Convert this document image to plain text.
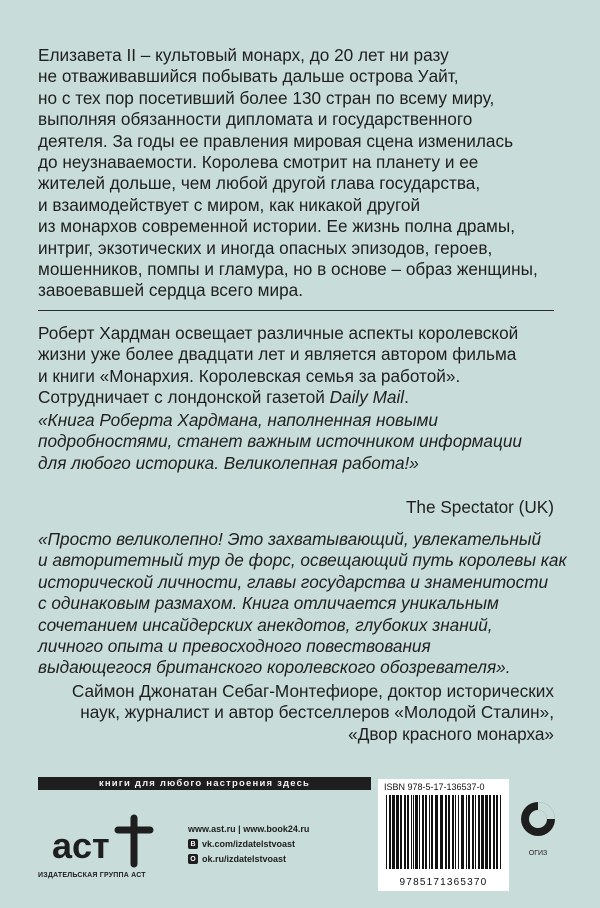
Елизавета II – культовый монарх, до 20 лет ни разу
не отваживавшийся побывать дальше острова Уайт,
но с тех пор посетивший более 130 стран по всему миру,
выполняя обязанности дипломата и государственного
деятеля. За годы ее правления мировая сцена изменилась
до неузнаваемости. Королева смотрит на планету и ее
жителей дольше, чем любой другой глава государства,
и взаимодействует с миром, как никакой другой
из монархов современной истории. Ее жизнь полна драмы,
интриг, экзотических и иногда опасных эпизодов, героев,
мошенников, помпы и гламура, но в основе – образ женщины,
завоевавшей сердца всего мира.
Роберт Хардман освещает различные аспекты королевской
жизни уже более двадцати лет и является автором фильма
и книги «Монархия. Королевская семья за работой».
Сотрудничает с лондонской газетой Daily Mail.
«Книга Роберта Хардмана, наполненная новыми
подробностями, станет важным источником информации
для любого историка. Великолепная работа!»
The Spectator (UK)
«Просто великолепно! Это захватывающий, увлекательный
и авторитетный тур де форс, освещающий путь королевы как
исторической личности, главы государства и знаменитости
с одинаковым размахом. Книга отличается уникальным
сочетанием инсайдерских анекдотов, глубоких знаний,
личного опыта и превосходного повествования
выдающегося британского королевского обозревателя».
Саймон Джонатан Себаг-Монтефиоре, доктор исторических
наук, журналист и автор бестселлеров «Молодой Сталин»,
«Двор красного монарха»
книги для любого настроения здесь
аст
ИЗДАТЕЛЬСКАЯ ГРУППА АСТ
www.ast.ru | www.book24.ru
В vk.com/izdatelstvoast
О ok.ru/izdatelstvoast
ISBN 978-5-17-136537-0
9785171365370
ОГИЗ
